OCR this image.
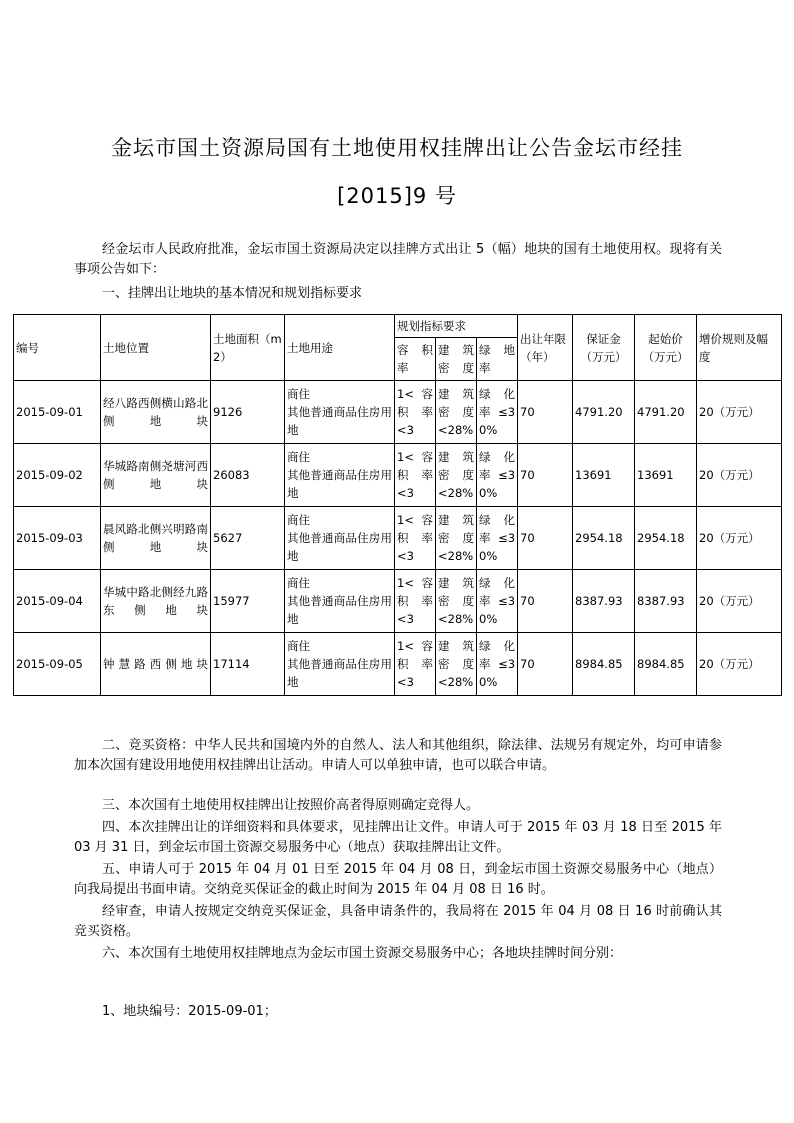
金坛市国土资源局国有土地使用权挂牌出让公告金坛市经挂
[2015]9 号
经金坛市人民政府批准，金坛市国土资源局决定以挂牌方式出让 5（幅）地块的国有土地使用权。现将有关事项公告如下：
一、挂牌出让地块的基本情况和规划指标要求
编号	土地位置	土地面积（m2）	土地用途	规划指标要求			出让年限（年）	保证金（万元）	起始价（万元）	增价规则及幅度
				容 积率	建 筑密度	绿 地率				
2015-09-01	经八路西侧横山路北侧地块	9126	商住
其他普通商品住房用地	1< 容积 率<3	建 筑密 度<28%	绿 化率 ≤30%	70	4791.20	4791.20	20（万元）
2015-09-02	华城路南侧尧塘河西侧地块	26083	商住
其他普通商品住房用地	1< 容积 率<3	建 筑密 度<28%	绿 化率 ≤30%	70	13691	13691	20（万元）
2015-09-03	晨风路北侧兴明路南侧地块	5627	商住
其他普通商品住房用地	1< 容积 率<3	建 筑密 度<28%	绿 化率 ≤30%	70	2954.18	2954.18	20（万元）
2015-09-04	华城中路北侧经九路东侧地块	15977	商住
其他普通商品住房用地	1< 容积 率<3	建 筑密 度<28%	绿 化率 ≤30%	70	8387.93	8387.93	20（万元）
2015-09-05	钟慧路西侧地块	17114	商住
其他普通商品住房用地	1< 容积 率<3	建 筑密 度<28%	绿 化率 ≤30%	70	8984.85	8984.85	20（万元）
二、竞买资格：中华人民共和国境内外的自然人、法人和其他组织，除法律、法规另有规定外，均可申请参加本次国有建设用地使用权挂牌出让活动。申请人可以单独申请，也可以联合申请。
三、本次国有土地使用权挂牌出让按照价高者得原则确定竞得人。
四、本次挂牌出让的详细资料和具体要求，见挂牌出让文件。申请人可于 2015 年 03 月 18 日至 2015 年 03 月 31 日，到金坛市国土资源交易服务中心（地点）获取挂牌出让文件。
五、申请人可于 2015 年 04 月 01 日至 2015 年 04 月 08 日，到金坛市国土资源交易服务中心（地点）向我局提出书面申请。交纳竞买保证金的截止时间为 2015 年 04 月 08 日 16 时。
经审查，申请人按规定交纳竞买保证金，具备申请条件的，我局将在 2015 年 04 月 08 日 16 时前确认其竞买资格。
六、本次国有土地使用权挂牌地点为金坛市国土资源交易服务中心；各地块挂牌时间分别：
1、地块编号：2015-09-01；
